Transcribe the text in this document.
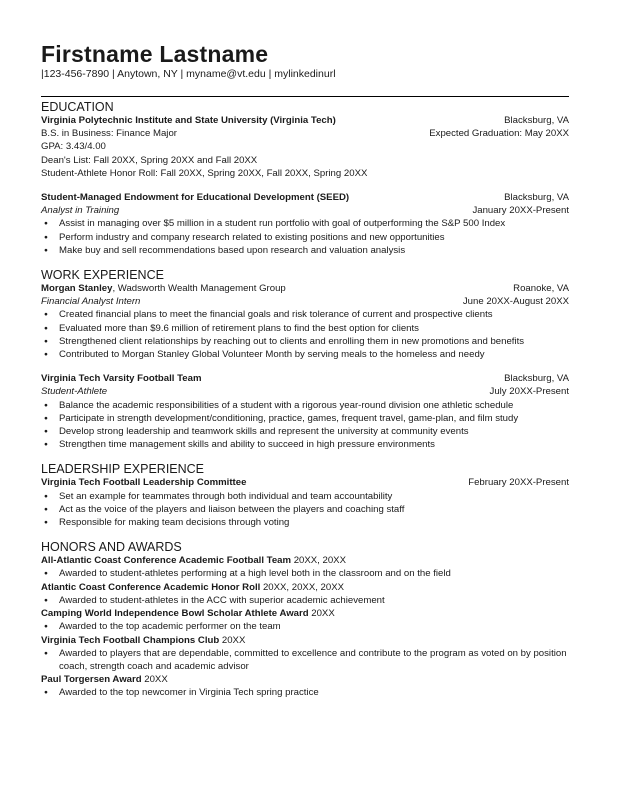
Firstname Lastname
|123-456-7890 | Anytown, NY | myname@vt.edu | mylinkedinurl
EDUCATION
Virginia Polytechnic Institute and State University (Virginia Tech)	Blacksburg, VA
B.S. in Business: Finance Major	Expected Graduation: May 20XX
GPA: 3.43/4.00
Dean's List: Fall 20XX, Spring 20XX and Fall 20XX
Student-Athlete Honor Roll: Fall 20XX, Spring 20XX, Fall 20XX, Spring 20XX
Student-Managed Endowment for Educational Development (SEED)	Blacksburg, VA
Analyst in Training	January 20XX-Present
● Assist in managing over $5 million in a student run portfolio with goal of outperforming the S&P 500 Index
● Perform industry and company research related to existing positions and new opportunities
● Make buy and sell recommendations based upon research and valuation analysis
WORK EXPERIENCE
Morgan Stanley, Wadsworth Wealth Management Group	Roanoke, VA
Financial Analyst Intern	June 20XX-August 20XX
● Created financial plans to meet the financial goals and risk tolerance of current and prospective clients
● Evaluated more than $9.6 million of retirement plans to find the best option for clients
● Strengthened client relationships by reaching out to clients and enrolling them in new promotions and benefits
● Contributed to Morgan Stanley Global Volunteer Month by serving meals to the homeless and needy
Virginia Tech Varsity Football Team	Blacksburg, VA
Student-Athlete	July 20XX-Present
● Balance the academic responsibilities of a student with a rigorous year-round division one athletic schedule
● Participate in strength development/conditioning, practice, games, frequent travel, game-plan, and film study
● Develop strong leadership and teamwork skills and represent the university at community events
● Strengthen time management skills and ability to succeed in high pressure environments
LEADERSHIP EXPERIENCE
Virginia Tech Football Leadership Committee	February 20XX-Present
● Set an example for teammates through both individual and team accountability
● Act as the voice of the players and liaison between the players and coaching staff
● Responsible for making team decisions through voting
HONORS AND AWARDS
All-Atlantic Coast Conference Academic Football Team 20XX, 20XX
● Awarded to student-athletes performing at a high level both in the classroom and on the field
Atlantic Coast Conference Academic Honor Roll 20XX, 20XX, 20XX
● Awarded to student-athletes in the ACC with superior academic achievement
Camping World Independence Bowl Scholar Athlete Award 20XX
● Awarded to the top academic performer on the team
Virginia Tech Football Champions Club 20XX
● Awarded to players that are dependable, committed to excellence and contribute to the program as voted on by position coach, strength coach and academic advisor
Paul Torgersen Award 20XX
● Awarded to the top newcomer in Virginia Tech spring practice
